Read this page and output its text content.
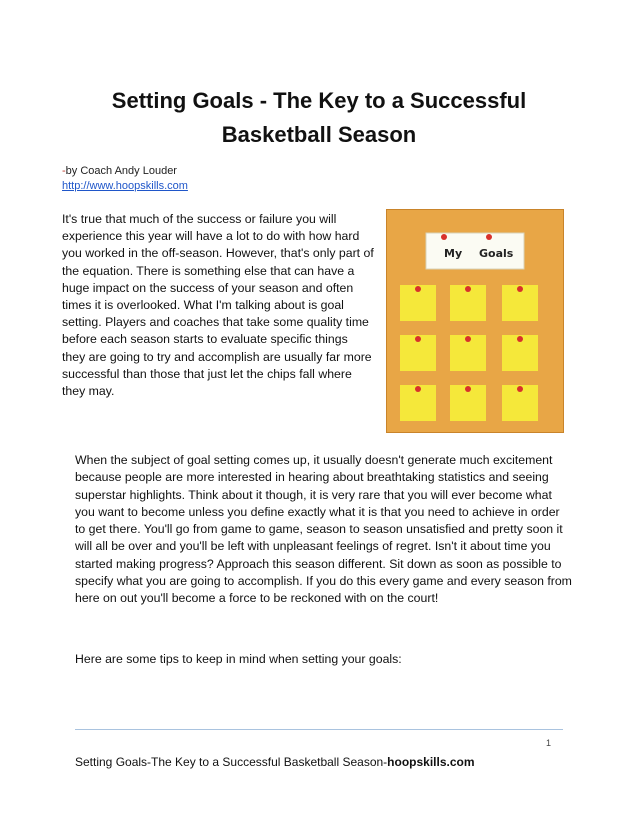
Setting Goals - The Key to a Successful Basketball Season
-by Coach Andy Louder
http://www.hoopskills.com
It's true that much of the success or failure you will experience this year will have a lot to do with how hard you worked in the off-season. However, that's only part of the equation. There is something else that can have a huge impact on the success of your season and often times it is overlooked. What I'm talking about is goal setting. Players and coaches that take some quality time before each season starts to evaluate specific things they are going to try and accomplish are usually far more successful than those that just let the chips fall where they may.
My Goals

When the subject of goal setting comes up, it usually doesn't generate much excitement because people are more interested in hearing about breathtaking statistics and seeing superstar highlights. Think about it though, it is very rare that you will ever become what you want to become unless you define exactly what it is that you need to achieve in order to get there. You'll go from game to game, season to season unsatisfied and pretty soon it will all be over and you'll be left with unpleasant feelings of regret. Isn't it about time you started making progress? Approach this season different. Sit down as soon as possible to specify what you are going to accomplish. If you do this every game and every season from here on out you'll become a force to be reckoned with on the court!

Here are some tips to keep in mind when setting your goals:

1
Setting Goals-The Key to a Successful Basketball Season-hoopskills.com
